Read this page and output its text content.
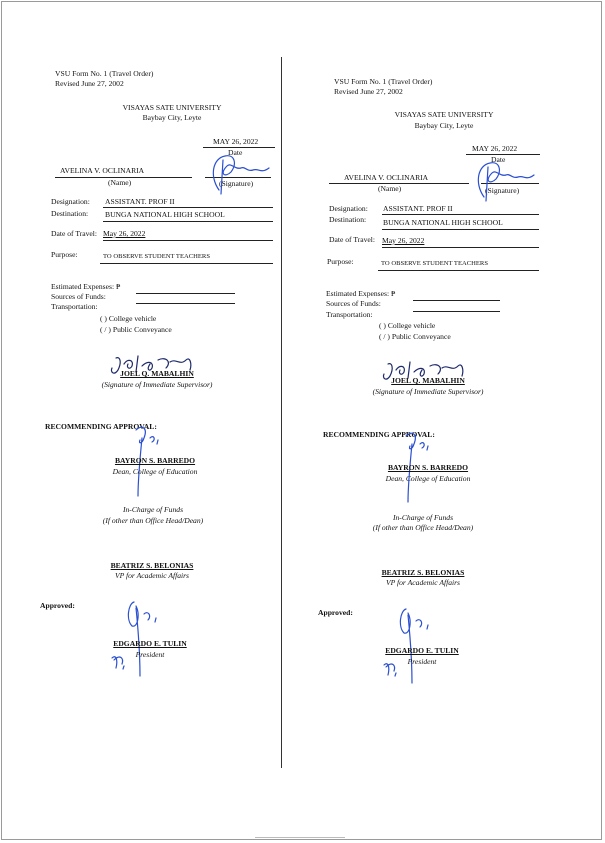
VSU Form No. 1 (Travel Order)
Revised June 27, 2002
VISAYAS SATE UNIVERSITY
Baybay City, Leyte
MAY 26, 2022
Date
AVELINA V. OCLINARIA
(Name)	(Signature)
Designation: ASSISTANT. PROF II
Destination: BUNGA NATIONAL HIGH SCHOOL
Date of Travel: May 26, 2022
Purpose:	TO OBSERVE STUDENT TEACHERS
Estimated Expenses: ₱
Sources of Funds:
Transportation:
( ) College vehicle
( / ) Public Conveyance
JOEL Q. MABALHIN
(Signature of Immediate Supervisor)
RECOMMENDING APPROVAL:
BAYRON S. BARREDO
Dean, College of Education
In-Charge of Funds
(If other than Office Head/Dean)
BEATRIZ S. BELONIAS
VP for Academic Affairs
Approved:
EDGARDO E. TULIN
President
VSU Form No. 1 (Travel Order)
Revised June 27, 2002
VISAYAS SATE UNIVERSITY
Baybay City, Leyte
MAY 26, 2022
Date
AVELINA V. OCLINARIA
(Name)	(Signature)
Designation: ASSISTANT. PROF II
Destination: BUNGA NATIONAL HIGH SCHOOL
Date of Travel: May 26, 2022
Purpose:	TO OBSERVE STUDENT TEACHERS
Estimated Expenses: ₱
Sources of Funds:
Transportation:
( ) College vehicle
( / ) Public Conveyance
JOEL Q. MABALHIN
(Signature of Immediate Supervisor)
RECOMMENDING APPROVAL:
BAYRON S. BARREDO
Dean, College of Education
In-Charge of Funds
(If other than Office Head/Dean)
BEATRIZ S. BELONIAS
VP for Academic Affairs
Approved:
EDGARDO E. TULIN
President
